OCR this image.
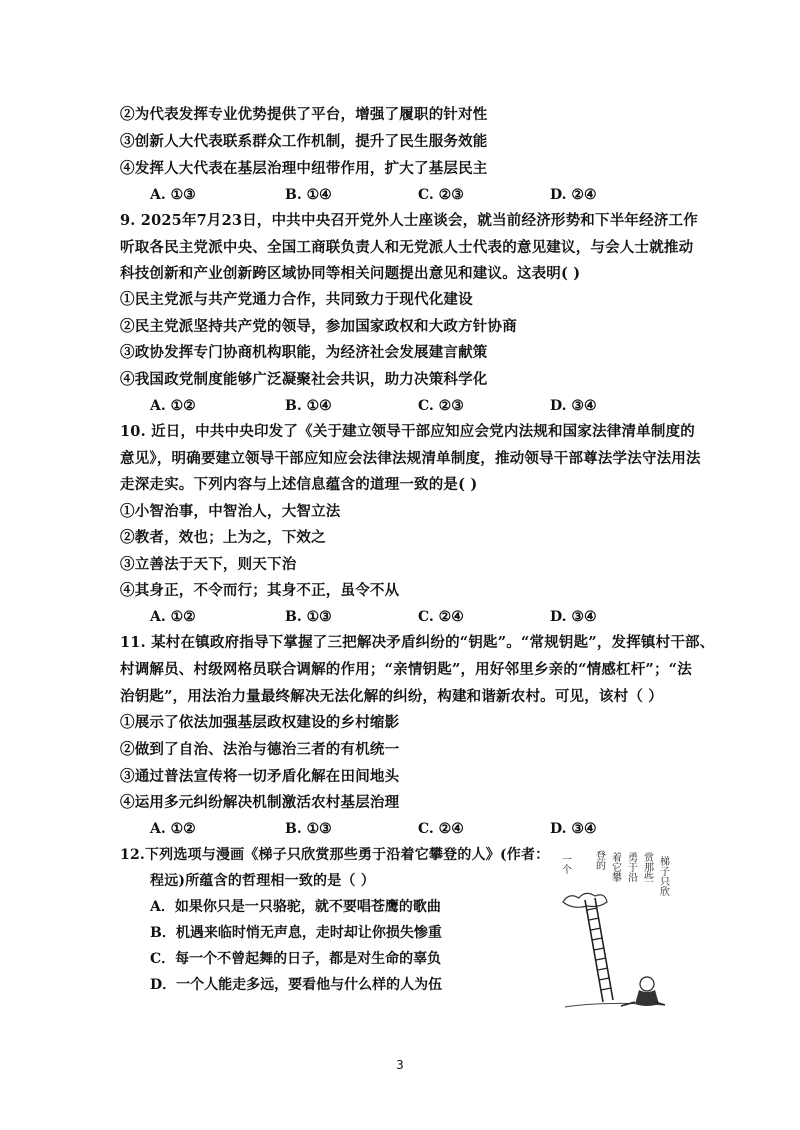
②为代表发挥专业优势提供了平台，增强了履职的针对性
③创新人大代表联系群众工作机制，提升了民生服务效能
④发挥人大代表在基层治理中纽带作用，扩大了基层民主
A. ①③	B. ①④	C. ②③	D. ②④
9. 2025年7月23日，中共中央召开党外人士座谈会，就当前经济形势和下半年经济工作
听取各民主党派中央、全国工商联负责人和无党派人士代表的意见建议，与会人士就推动
科技创新和产业创新跨区域协同等相关问题提出意见和建议。这表明( )
①民主党派与共产党通力合作，共同致力于现代化建设
②民主党派坚持共产党的领导，参加国家政权和大政方针协商
③政协发挥专门协商机构职能，为经济社会发展建言献策
④我国政党制度能够广泛凝聚社会共识，助力决策科学化
A. ①②	B. ①④	C. ②③	D. ③④
10. 近日，中共中央印发了《关于建立领导干部应知应会党内法规和国家法律清单制度的
意见》，明确要建立领导干部应知应会法律法规清单制度，推动领导干部尊法学法守法用法
走深走实。下列内容与上述信息蕴含的道理一致的是( )
①小智治事，中智治人，大智立法
②教者，效也；上为之，下效之
③立善法于天下，则天下治
④其身正，不令而行；其身不正，虽令不从
A. ①②	B. ①③	C. ②④	D. ③④
11. 某村在镇政府指导下掌握了三把解决矛盾纠纷的“钥匙”。“常规钥匙”，发挥镇村干部、
村调解员、村级网格员联合调解的作用；“亲情钥匙”，用好邻里乡亲的“情感杠杆”；“法
治钥匙”，用法治力量最终解决无法化解的纠纷，构建和谐新农村。可见，该村（ ）
①展示了依法加强基层政权建设的乡村缩影
②做到了自治、法治与德治三者的有机统一
③通过普法宣传将一切矛盾化解在田间地头
④运用多元纠纷解决机制激活农村基层治理
A. ①②	B. ①③	C. ②④	D. ③④
12.下列选项与漫画《梯子只欣赏那些勇于沿着它攀登的人》(作者：
程远)所蕴含的哲理相一致的是（ ）
A．如果你只是一只骆驼，就不要唱苍鹰的歌曲
B．机遇来临时悄无声息，走时却让你损失惨重
C．每一个不曾起舞的日子，都是对生命的辜负
D．一个人能走多远，要看他与什么样的人为伍
梯子只欣
赏那些
勇于沿
着它攀
登的
一个
3
